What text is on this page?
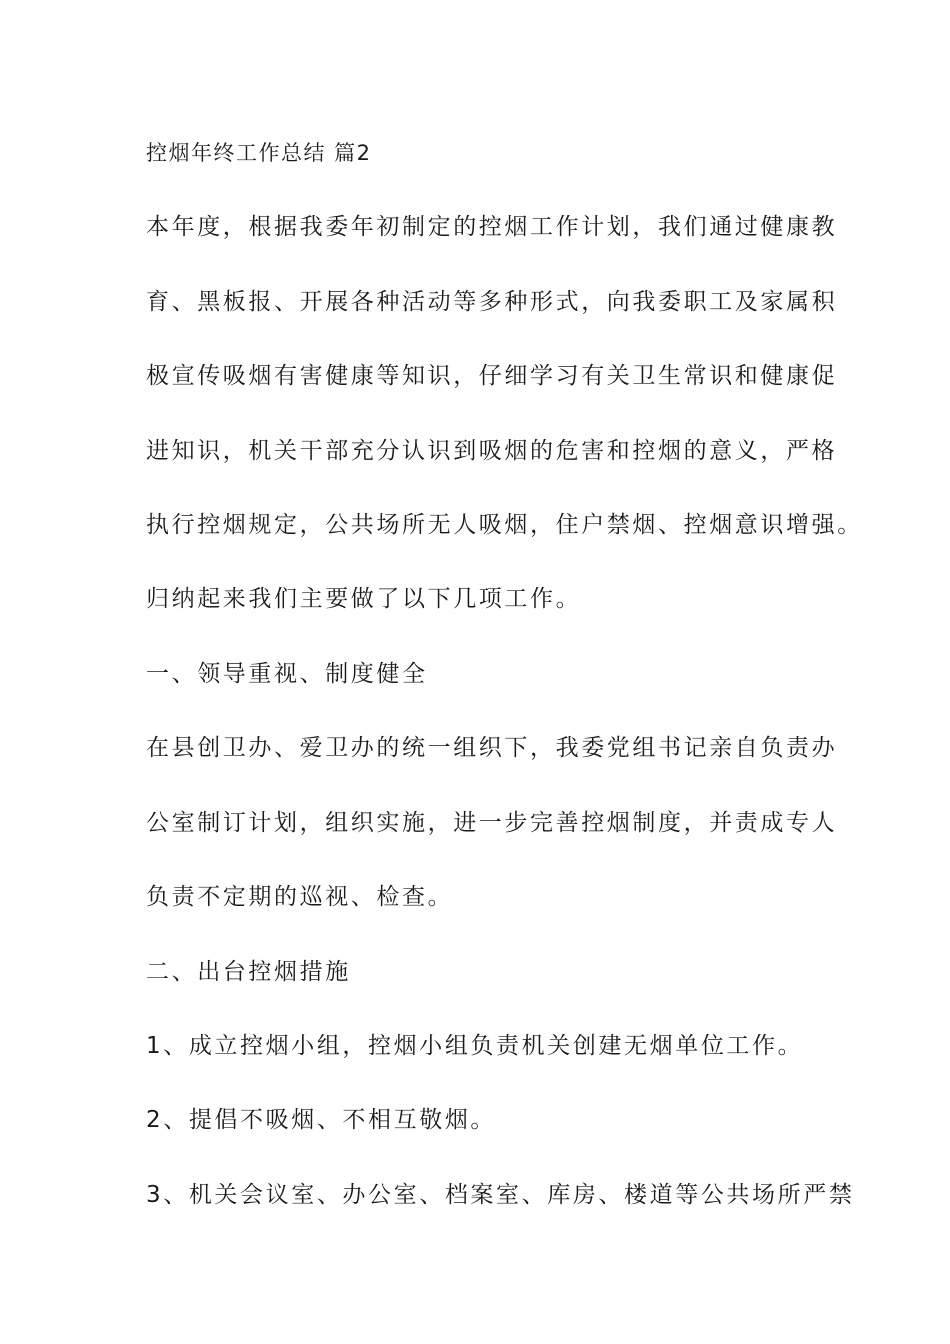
控烟年终工作总结 篇2

本年度，根据我委年初制定的控烟工作计划，我们通过健康教

育、黑板报、开展各种活动等多种形式，向我委职工及家属积

极宣传吸烟有害健康等知识，仔细学习有关卫生常识和健康促

进知识，机关干部充分认识到吸烟的危害和控烟的意义，严格

执行控烟规定，公共场所无人吸烟，住户禁烟、控烟意识增强。

归纳起来我们主要做了以下几项工作。

一、领导重视、制度健全

在县创卫办、爱卫办的统一组织下，我委党组书记亲自负责办

公室制订计划，组织实施，进一步完善控烟制度，并责成专人

负责不定期的巡视、检查。

二、出台控烟措施

1、成立控烟小组，控烟小组负责机关创建无烟单位工作。

2、提倡不吸烟、不相互敬烟。

3、机关会议室、办公室、档案室、库房、楼道等公共场所严禁
